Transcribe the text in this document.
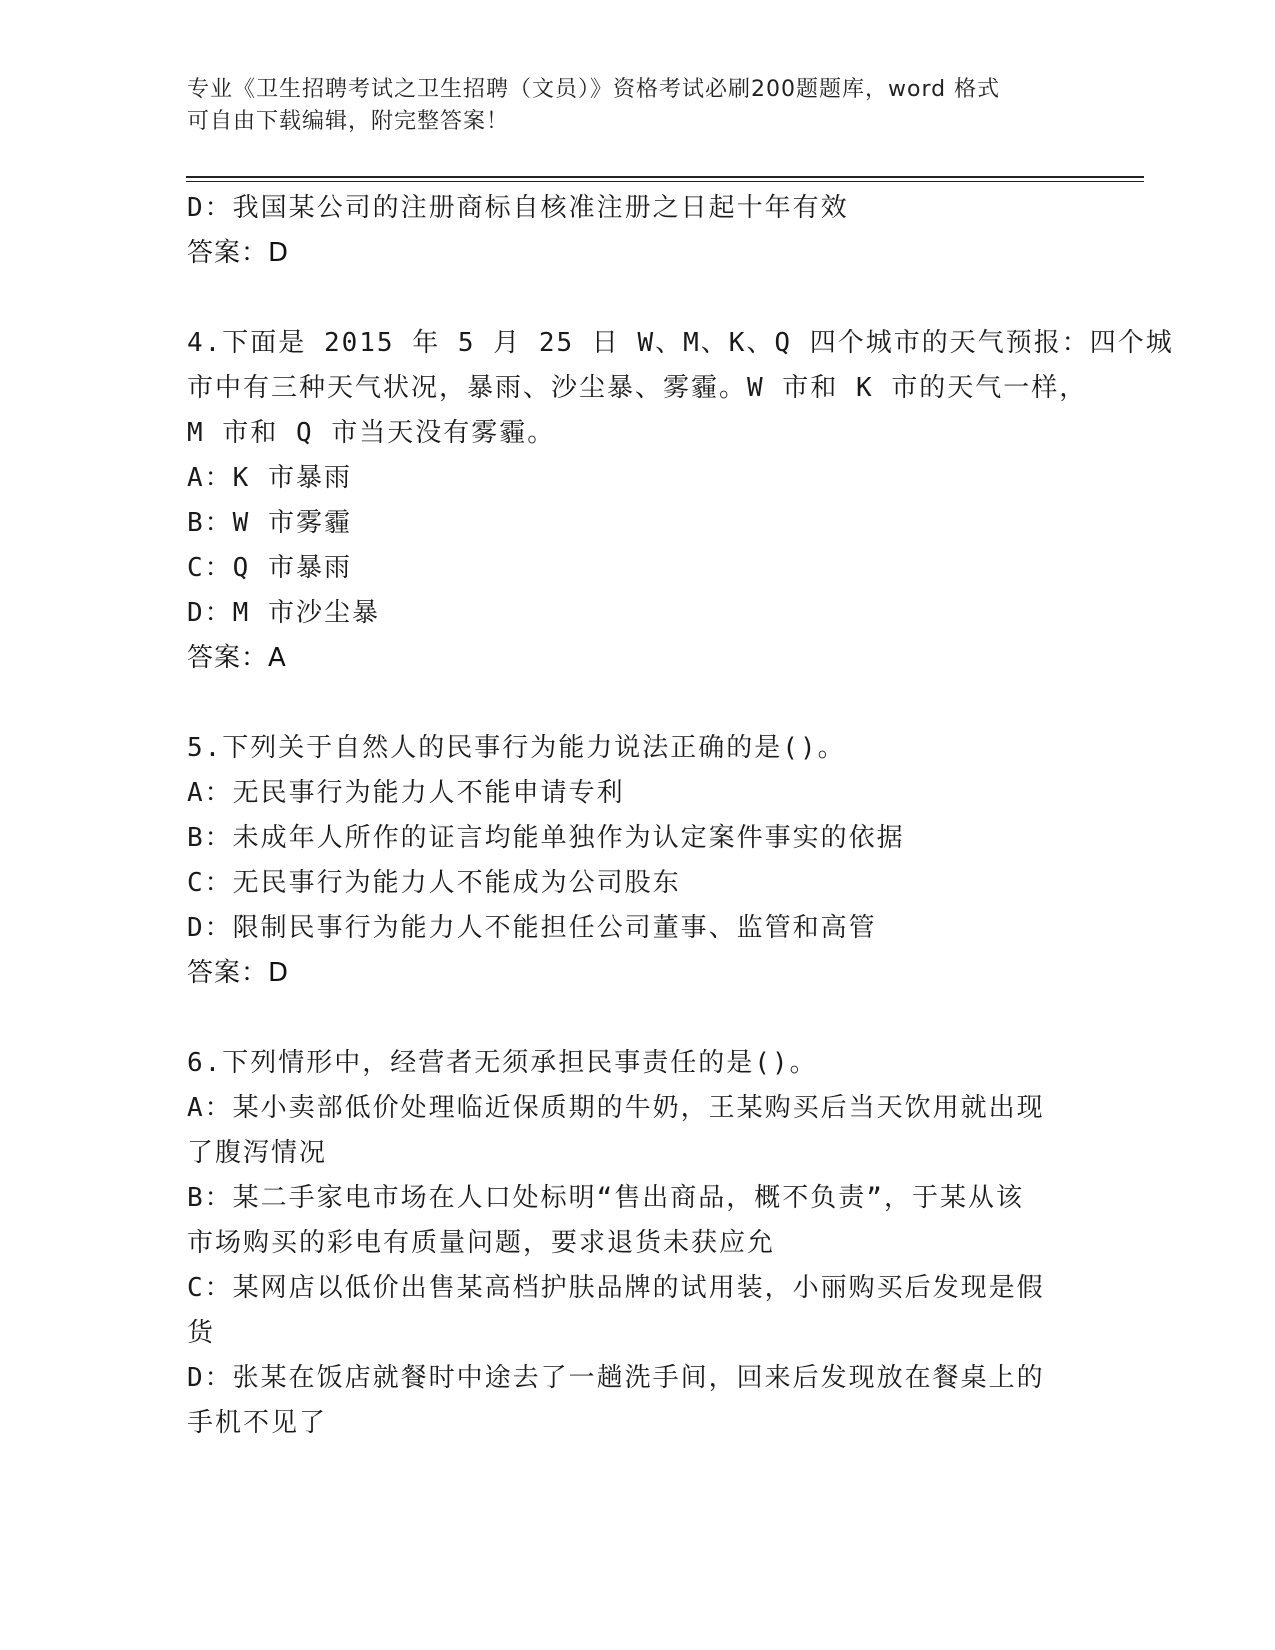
专业《卫生招聘考试之卫生招聘（文员）》资格考试必刷200题题库，word 格式
可自由下载编辑，附完整答案！
D：我国某公司的注册商标自核准注册之日起十年有效
答案：D
4.下面是 2015 年 5 月 25 日 W、M、K、Q 四个城市的天气预报：四个城
市中有三种天气状况，暴雨、沙尘暴、雾霾。W 市和 K 市的天气一样，
M 市和 Q 市当天没有雾霾。
A：K 市暴雨
B：W 市雾霾
C：Q 市暴雨
D：M 市沙尘暴
答案：A
5.下列关于自然人的民事行为能力说法正确的是()。
A：无民事行为能力人不能申请专利
B：未成年人所作的证言均能单独作为认定案件事实的依据
C：无民事行为能力人不能成为公司股东
D：限制民事行为能力人不能担任公司董事、监管和高管
答案：D
6.下列情形中，经营者无须承担民事责任的是()。
A：某小卖部低价处理临近保质期的牛奶，王某购买后当天饮用就出现
了腹泻情况
B：某二手家电市场在人口处标明“售出商品，概不负责”，于某从该
市场购买的彩电有质量问题，要求退货未获应允
C：某网店以低价出售某高档护肤品牌的试用装，小丽购买后发现是假
货
D：张某在饭店就餐时中途去了一趟洗手间，回来后发现放在餐桌上的
手机不见了
